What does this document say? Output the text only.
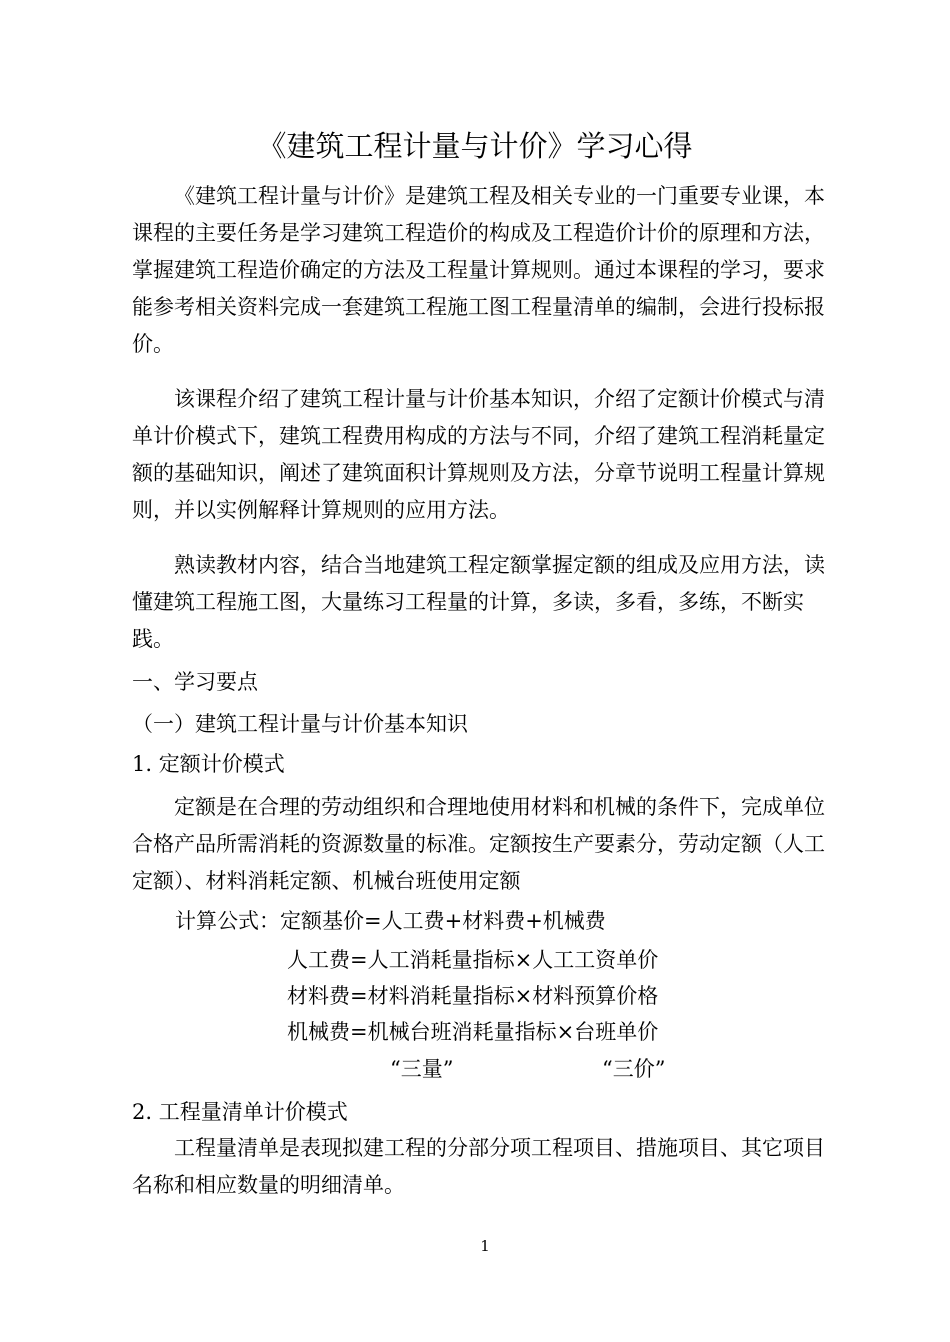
《建筑工程计量与计价》学习心得

《建筑工程计量与计价》是建筑工程及相关专业的一门重要专业课，本课程的主要任务是学习建筑工程造价的构成及工程造价计价的原理和方法，掌握建筑工程造价确定的方法及工程量计算规则。通过本课程的学习，要求能参考相关资料完成一套建筑工程施工图工程量清单的编制，会进行投标报价。

该课程介绍了建筑工程计量与计价基本知识，介绍了定额计价模式与清单计价模式下，建筑工程费用构成的方法与不同，介绍了建筑工程消耗量定额的基础知识，阐述了建筑面积计算规则及方法，分章节说明工程量计算规则，并以实例解释计算规则的应用方法。

熟读教材内容，结合当地建筑工程定额掌握定额的组成及应用方法，读懂建筑工程施工图，大量练习工程量的计算，多读，多看，多练，不断实践。

一、学习要点
（一）建筑工程计量与计价基本知识
1. 定额计价模式

定额是在合理的劳动组织和合理地使用材料和机械的条件下，完成单位合格产品所需消耗的资源数量的标准。定额按生产要素分，劳动定额（人工定额）、材料消耗定额、机械台班使用定额

计算公式：定额基价=人工费+材料费+机械费
人工费=人工消耗量指标×人工工资单价
材料费=材料消耗量指标×材料预算价格
机械费=机械台班消耗量指标×台班单价
“三量”	“三价”
2. 工程量清单计价模式

工程量清单是表现拟建工程的分部分项工程项目、措施项目、其它项目名称和相应数量的明细清单。

1
